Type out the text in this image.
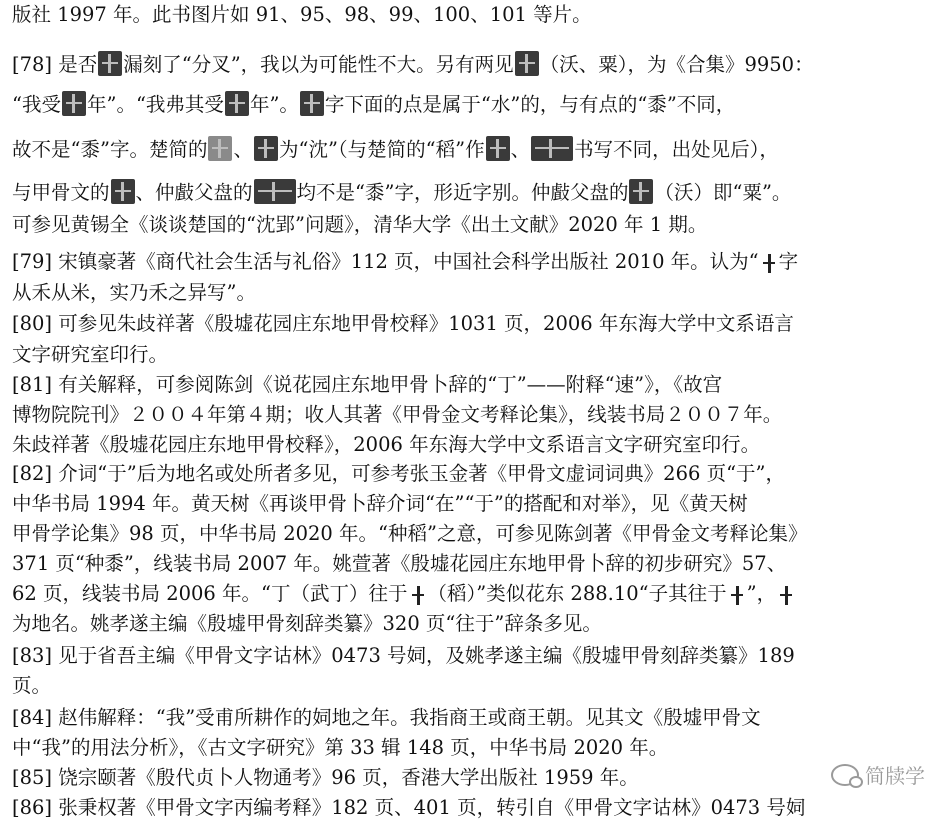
版社 1997 年。此书图片如 91、95、98、99、100、101 等片。
[78] 是否 漏刻了“分叉”，我以为可能性不大。另有两见 （沃、粟），为《合集》9950：
“我受 年”。“我弗其受 年”。 字下面的点是属于“水”的，与有点的“黍”不同，
故不是“黍”字。楚简的 、 为“沈”（与楚简的“稻”作 、 书写不同，出处见后），
与甲骨文的 、仲㪥父盘的 均不是“黍”字，形近字别。仲㪥父盘的 （沃）即“粟”。
可参见黄锡全《谈谈楚国的“沈郢”问题》，清华大学《出土文献》2020 年 1 期。
[79] 宋镇豪著《商代社会生活与礼俗》112 页，中国社会科学出版社 2010 年。认为“ 字
从禾从米，实乃禾之异写”。
[80] 可参见朱歧祥著《殷墟花园庄东地甲骨校释》1031 页，2006 年东海大学中文系语言
文字研究室印行。
[81] 有关解释，可参阅陈剑《说花园庄东地甲骨卜辞的“丁”——附释“速”》，《故宫
博物院院刊》２００４年第４期；收人其著《甲骨金文考释论集》，线装书局２００７年。
朱歧祥著《殷墟花园庄东地甲骨校释》，2006 年东海大学中文系语言文字研究室印行。
[82] 介词“于”后为地名或处所者多见，可参考张玉金著《甲骨文虚词词典》266 页“于”，
中华书局 1994 年。黄天树《再谈甲骨卜辞介词“在”“于”的搭配和对举》，见《黄天树
甲骨学论集》98 页，中华书局 2020 年。“种稻”之意，可参见陈剑著《甲骨金文考释论集》
371 页“种黍”，线装书局 2007 年。姚萱著《殷墟花园庄东地甲骨卜辞的初步研究》57、
62 页，线装书局 2006 年。“丁（武丁）往于 （稻）”类似花东 288.10“子其往于 ”，
为地名。姚孝遂主编《殷墟甲骨刻辞类纂》320 页“往于”辞条多见。
[83] 见于省吾主编《甲骨文字诂林》0473 号㚸，及姚孝遂主编《殷墟甲骨刻辞类纂》189
页。
[84] 赵伟解释：“我”受甫所耕作的㚸地之年。我指商王或商王朝。见其文《殷墟甲骨文
中“我”的用法分析》，《古文字研究》第 33 辑 148 页，中华书局 2020 年。
[85] 饶宗颐著《殷代贞卜人物通考》96 页，香港大学出版社 1959 年。
[86] 张秉权著《甲骨文字丙编考释》182 页、401 页，转引自《甲骨文字诂林》0473 号㚸
简牍学
